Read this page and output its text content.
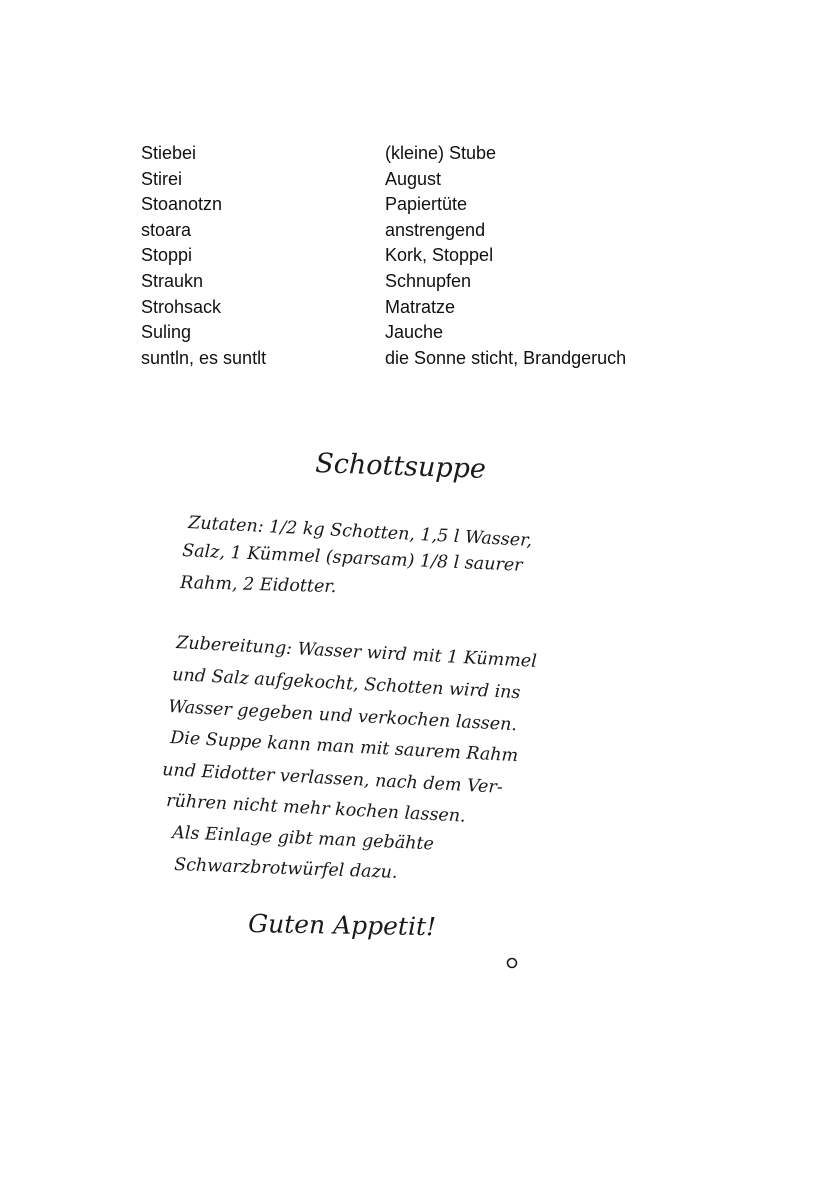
Stiebei	(kleine) Stube
Stirei	August
Stoanotzn	Papiertüte
stoara	anstrengend
Stoppi	Kork, Stoppel
Straukn	Schnupfen
Strohsack	Matratze
Suling	Jauche
suntln, es suntlt	die Sonne sticht, Brandgeruch
Schottsuppe
Zutaten: 1/2 kg Schotten, 1,5 l Wasser,
Salz, 1 Kümmel (sparsam) 1/8 l saurer
Rahm, 2 Eidotter.
Zubereitung: Wasser wird mit 1 Kümmel
und Salz aufgekocht, Schotten wird ins
Wasser gegeben und verkochen lassen.
Die Suppe kann man mit saurem Rahm
und Eidotter verlassen, nach dem Ver-
rühren nicht mehr kochen lassen.
Als Einlage gibt man gebähte
Schwarzbrotwürfel dazu.
Guten Appetit!
